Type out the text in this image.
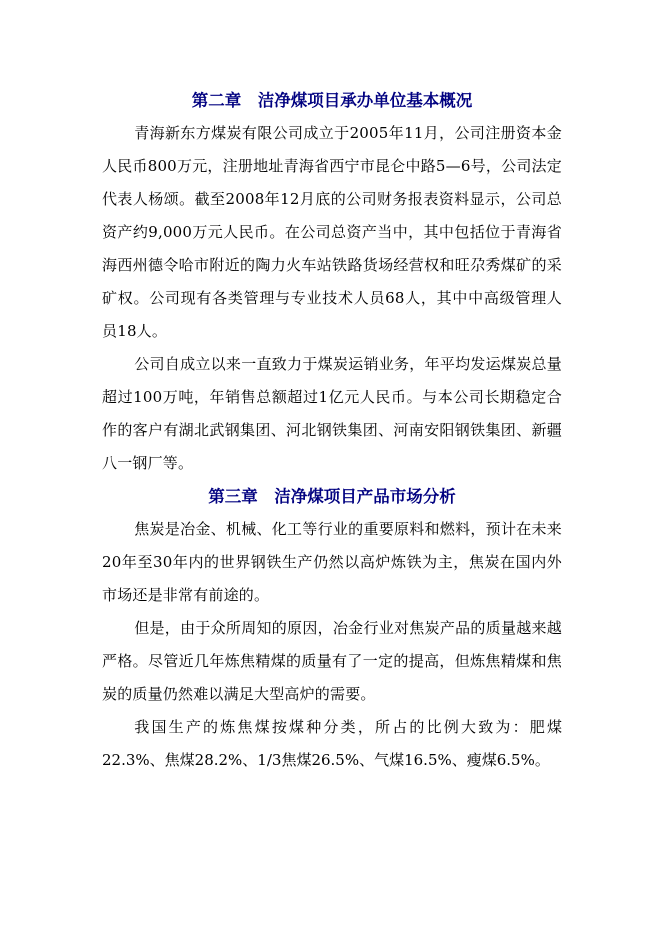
第二章　洁净煤项目承办单位基本概况

青海新东方煤炭有限公司成立于2005年11月，公司注册资本金人民币800万元，注册地址青海省西宁市昆仑中路5—6号，公司法定代表人杨颂。截至2008年12月底的公司财务报表资料显示，公司总资产约9,000万元人民币。在公司总资产当中，其中包括位于青海省海西州德令哈市附近的陶力火车站铁路货场经营权和旺尕秀煤矿的采矿权。公司现有各类管理与专业技术人员68人，其中中高级管理人员18人。

公司自成立以来一直致力于煤炭运销业务，年平均发运煤炭总量超过100万吨，年销售总额超过1亿元人民币。与本公司长期稳定合作的客户有湖北武钢集团、河北钢铁集团、河南安阳钢铁集团、新疆八一钢厂等。

第三章　洁净煤项目产品市场分析

焦炭是冶金、机械、化工等行业的重要原料和燃料，预计在未来20年至30年内的世界钢铁生产仍然以高炉炼铁为主，焦炭在国内外市场还是非常有前途的。

但是，由于众所周知的原因，冶金行业对焦炭产品的质量越来越严格。尽管近几年炼焦精煤的质量有了一定的提高，但炼焦精煤和焦炭的质量仍然难以满足大型高炉的需要。

我国生产的炼焦煤按煤种分类，所占的比例大致为：肥煤22.3%、焦煤28.2%、1/3焦煤26.5%、气煤16.5%、瘦煤6.5%。
